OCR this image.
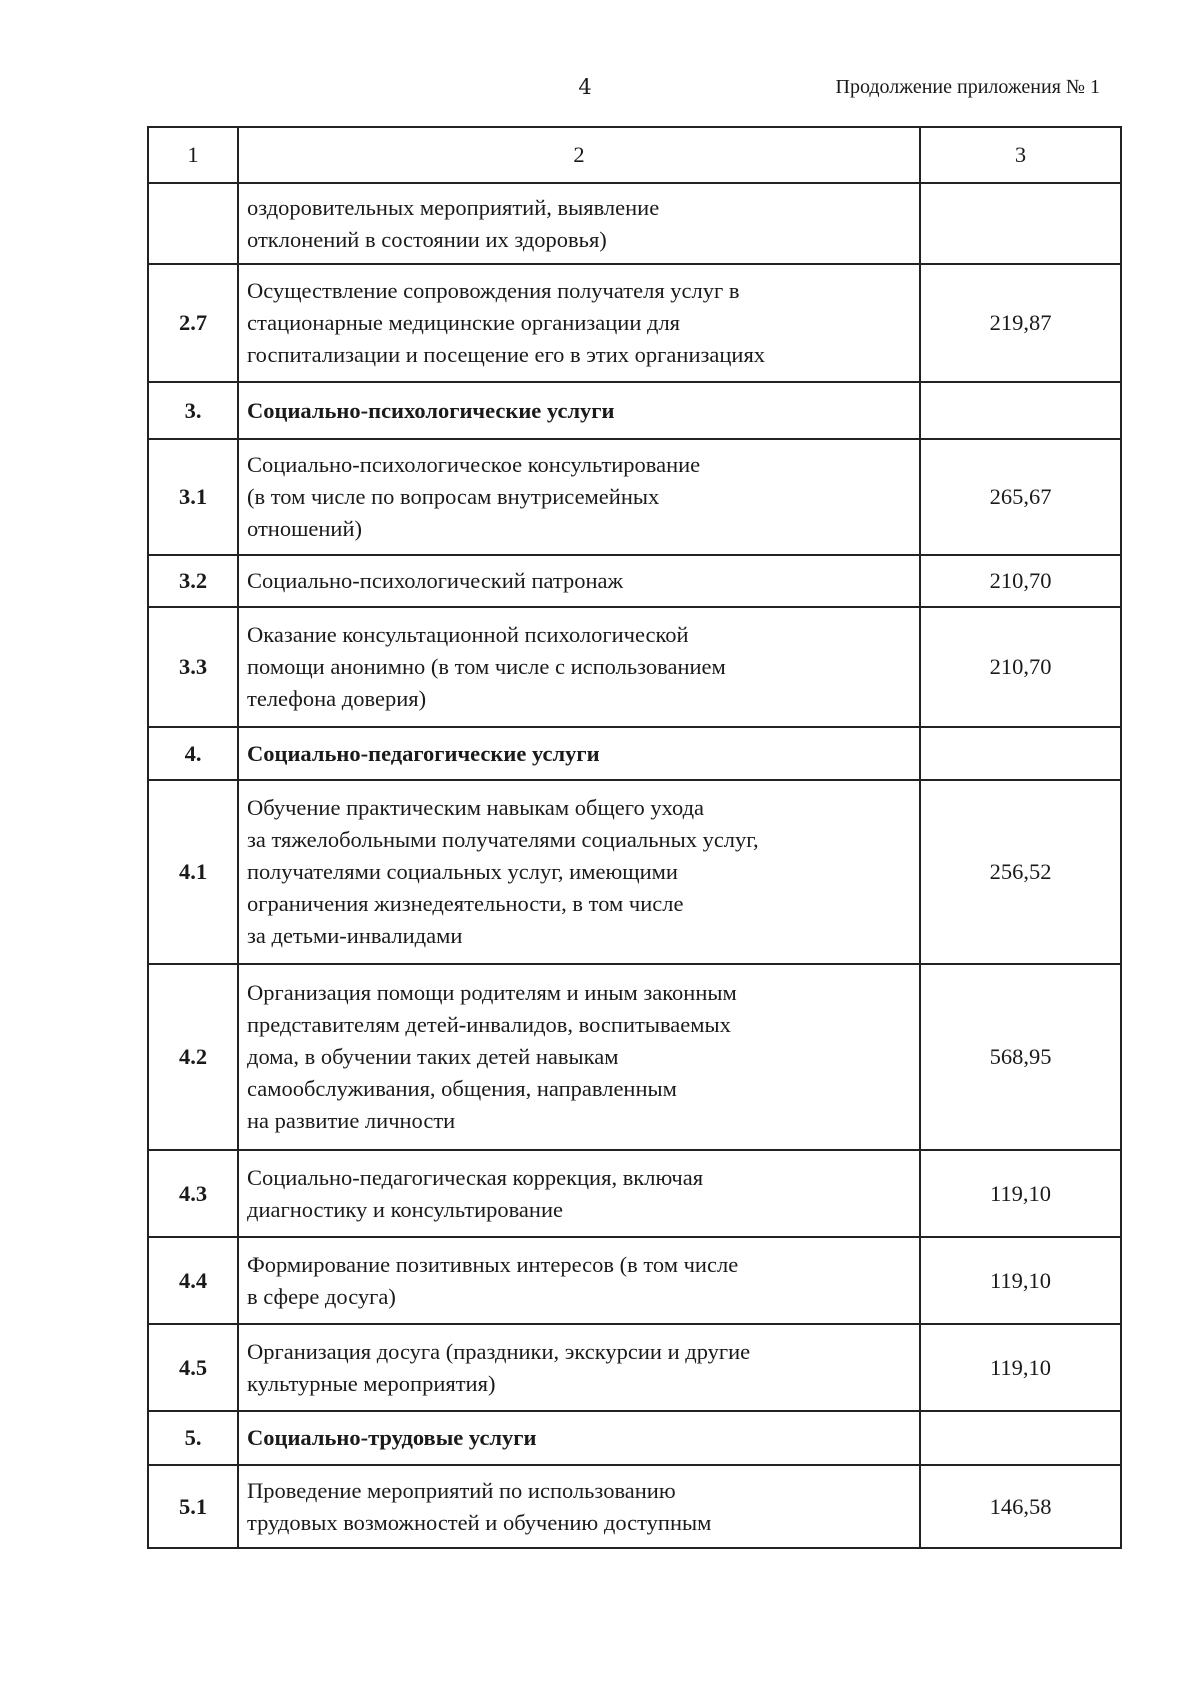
4	Продолжение приложения № 1
1	2	3
	оздоровительных мероприятий, выявление
отклонений в состоянии их здоровья)	
2.7	Осуществление сопровождения получателя услуг в
стационарные медицинские организации для
госпитализации и посещение его в этих организациях	219,87
3.	Социально-психологические услуги	
3.1	Социально-психологическое консультирование
(в том числе по вопросам внутрисемейных
отношений)	265,67
3.2	Социально-психологический патронаж	210,70
3.3	Оказание консультационной психологической
помощи анонимно (в том числе с использованием
телефона доверия)	210,70
4.	Социально-педагогические услуги	
4.1	Обучение практическим навыкам общего ухода
за тяжелобольными получателями социальных услуг,
получателями социальных услуг, имеющими
ограничения жизнедеятельности, в том числе
за детьми-инвалидами	256,52
4.2	Организация помощи родителям и иным законным
представителям детей-инвалидов, воспитываемых
дома, в обучении таких детей навыкам
самообслуживания, общения, направленным
на развитие личности	568,95
4.3	Социально-педагогическая коррекция, включая
диагностику и консультирование	119,10
4.4	Формирование позитивных интересов (в том числе
в сфере досуга)	119,10
4.5	Организация досуга (праздники, экскурсии и другие
культурные мероприятия)	119,10
5.	Социально-трудовые услуги	
5.1	Проведение мероприятий по использованию
трудовых возможностей и обучению доступным	146,58
